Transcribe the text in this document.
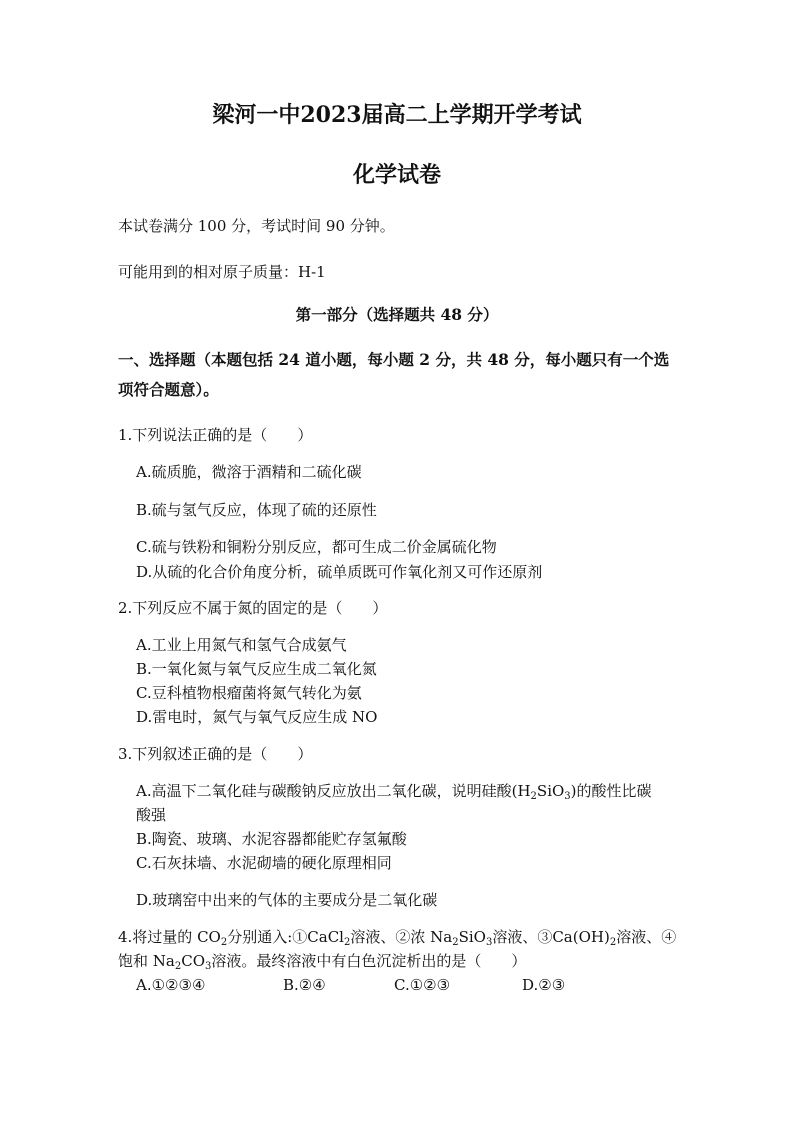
梁河一中2023届高二上学期开学考试
化学试卷
本试卷满分 100 分，考试时间 90 分钟。
可能用到的相对原子质量：H-1
第一部分（选择题共 48 分）
一、选择题（本题包括 24 道小题，每小题 2 分，共 48 分，每小题只有一个选
项符合题意）。
1.下列说法正确的是（　　）
A.硫质脆，微溶于酒精和二硫化碳
B.硫与氢气反应，体现了硫的还原性
C.硫与铁粉和铜粉分别反应，都可生成二价金属硫化物
D.从硫的化合价角度分析，硫单质既可作氧化剂又可作还原剂
2.下列反应不属于氮的固定的是（　　）
A.工业上用氮气和氢气合成氨气
B.一氧化氮与氧气反应生成二氧化氮
C.豆科植物根瘤菌将氮气转化为氨
D.雷电时，氮气与氧气反应生成 NO
3.下列叙述正确的是（　　）
A.高温下二氧化硅与碳酸钠反应放出二氧化碳，说明硅酸$(H_2SiO_3)$的酸性比碳
酸强
B.陶瓷、玻璃、水泥容器都能贮存氢氟酸
C.石灰抹墙、水泥砌墙的硬化原理相同
D.玻璃窑中出来的气体的主要成分是二氧化碳
4.将过量的 $CO_2$分别通入:①CaCl$_2$溶液、②浓 $Na_2SiO_3$溶液、$③Ca(OH)_2$溶液、④
饱和 $Na_2CO_3$溶液。最终溶液中有白色沉淀析出的是（　　）
A.①②③④	B.②④	C.①②③	D.②③
